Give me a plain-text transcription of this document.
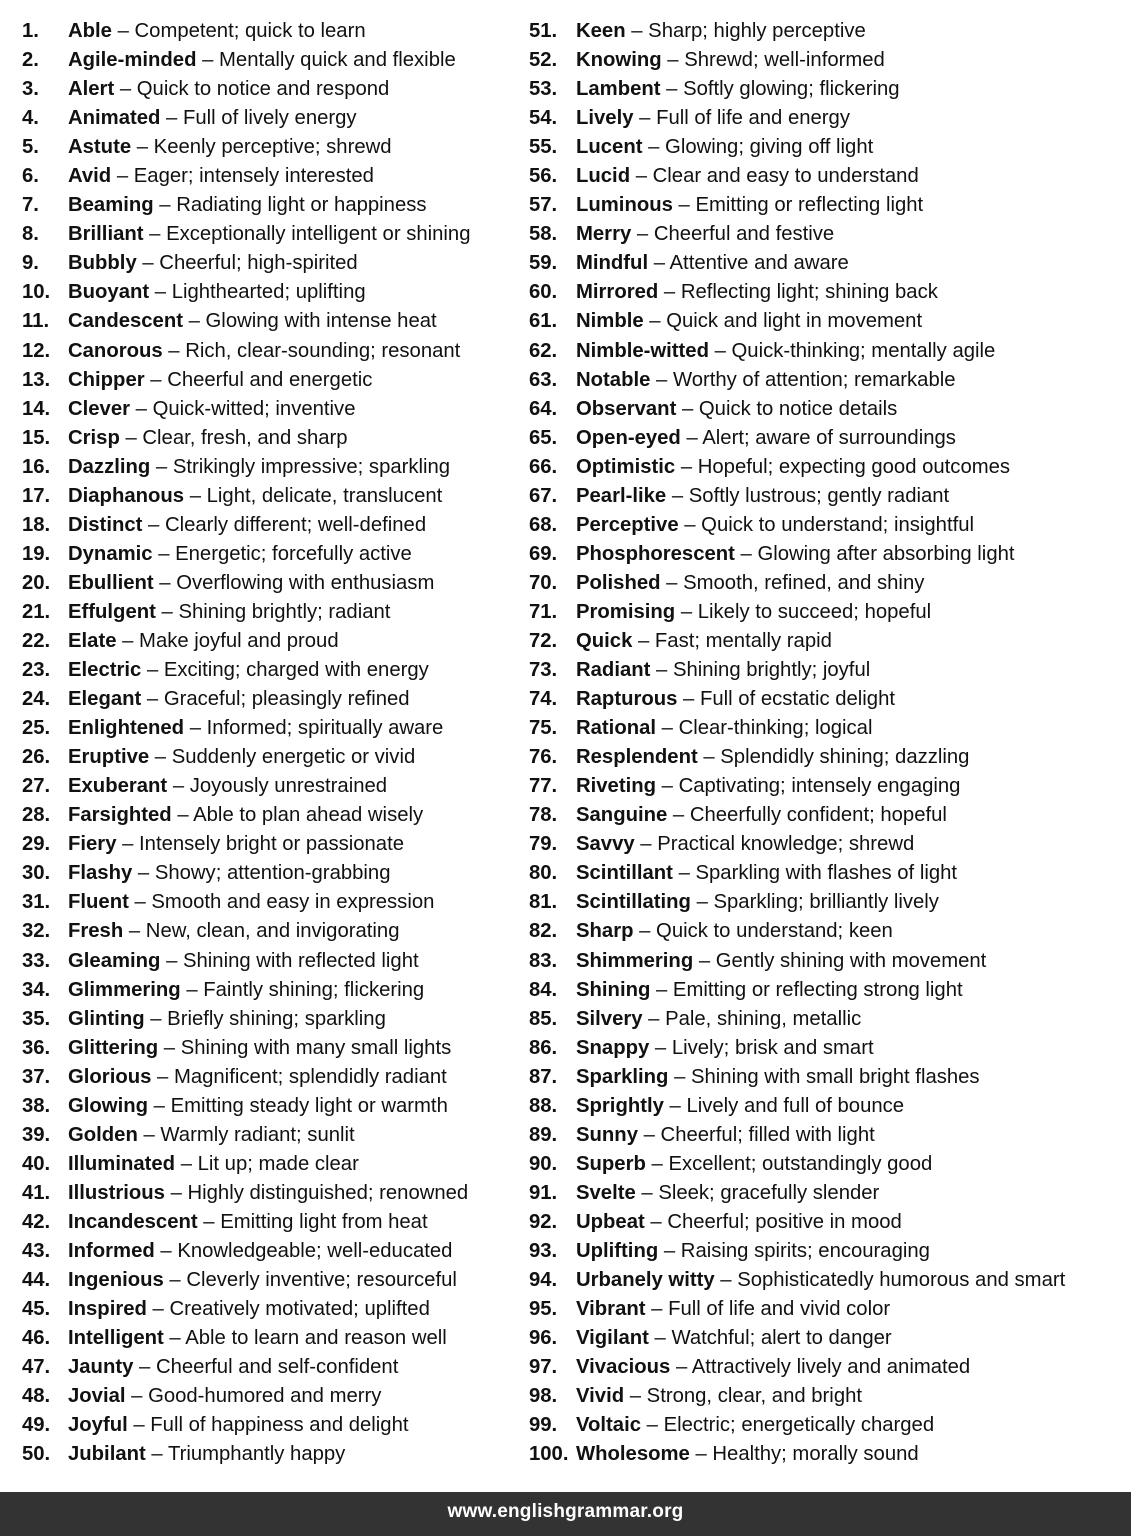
1. Able – Competent; quick to learn
2. Agile-minded – Mentally quick and flexible
3. Alert – Quick to notice and respond
4. Animated – Full of lively energy
5. Astute – Keenly perceptive; shrewd
6. Avid – Eager; intensely interested
7. Beaming – Radiating light or happiness
8. Brilliant – Exceptionally intelligent or shining
9. Bubbly – Cheerful; high-spirited
10. Buoyant – Lighthearted; uplifting
11. Candescent – Glowing with intense heat
12. Canorous – Rich, clear-sounding; resonant
13. Chipper – Cheerful and energetic
14. Clever – Quick-witted; inventive
15. Crisp – Clear, fresh, and sharp
16. Dazzling – Strikingly impressive; sparkling
17. Diaphanous – Light, delicate, translucent
18. Distinct – Clearly different; well-defined
19. Dynamic – Energetic; forcefully active
20. Ebullient – Overflowing with enthusiasm
21. Effulgent – Shining brightly; radiant
22. Elate – Make joyful and proud
23. Electric – Exciting; charged with energy
24. Elegant – Graceful; pleasingly refined
25. Enlightened – Informed; spiritually aware
26. Eruptive – Suddenly energetic or vivid
27. Exuberant – Joyously unrestrained
28. Farsighted – Able to plan ahead wisely
29. Fiery – Intensely bright or passionate
30. Flashy – Showy; attention-grabbing
31. Fluent – Smooth and easy in expression
32. Fresh – New, clean, and invigorating
33. Gleaming – Shining with reflected light
34. Glimmering – Faintly shining; flickering
35. Glinting – Briefly shining; sparkling
36. Glittering – Shining with many small lights
37. Glorious – Magnificent; splendidly radiant
38. Glowing – Emitting steady light or warmth
39. Golden – Warmly radiant; sunlit
40. Illuminated – Lit up; made clear
41. Illustrious – Highly distinguished; renowned
42. Incandescent – Emitting light from heat
43. Informed – Knowledgeable; well-educated
44. Ingenious – Cleverly inventive; resourceful
45. Inspired – Creatively motivated; uplifted
46. Intelligent – Able to learn and reason well
47. Jaunty – Cheerful and self-confident
48. Jovial – Good-humored and merry
49. Joyful – Full of happiness and delight
50. Jubilant – Triumphantly happy
51. Keen – Sharp; highly perceptive
52. Knowing – Shrewd; well-informed
53. Lambent – Softly glowing; flickering
54. Lively – Full of life and energy
55. Lucent – Glowing; giving off light
56. Lucid – Clear and easy to understand
57. Luminous – Emitting or reflecting light
58. Merry – Cheerful and festive
59. Mindful – Attentive and aware
60. Mirrored – Reflecting light; shining back
61. Nimble – Quick and light in movement
62. Nimble-witted – Quick-thinking; mentally agile
63. Notable – Worthy of attention; remarkable
64. Observant – Quick to notice details
65. Open-eyed – Alert; aware of surroundings
66. Optimistic – Hopeful; expecting good outcomes
67. Pearl-like – Softly lustrous; gently radiant
68. Perceptive – Quick to understand; insightful
69. Phosphorescent – Glowing after absorbing light
70. Polished – Smooth, refined, and shiny
71. Promising – Likely to succeed; hopeful
72. Quick – Fast; mentally rapid
73. Radiant – Shining brightly; joyful
74. Rapturous – Full of ecstatic delight
75. Rational – Clear-thinking; logical
76. Resplendent – Splendidly shining; dazzling
77. Riveting – Captivating; intensely engaging
78. Sanguine – Cheerfully confident; hopeful
79. Savvy – Practical knowledge; shrewd
80. Scintillant – Sparkling with flashes of light
81. Scintillating – Sparkling; brilliantly lively
82. Sharp – Quick to understand; keen
83. Shimmering – Gently shining with movement
84. Shining – Emitting or reflecting strong light
85. Silvery – Pale, shining, metallic
86. Snappy – Lively; brisk and smart
87. Sparkling – Shining with small bright flashes
88. Sprightly – Lively and full of bounce
89. Sunny – Cheerful; filled with light
90. Superb – Excellent; outstandingly good
91. Svelte – Sleek; gracefully slender
92. Upbeat – Cheerful; positive in mood
93. Uplifting – Raising spirits; encouraging
94. Urbanely witty – Sophisticatedly humorous and smart
95. Vibrant – Full of life and vivid color
96. Vigilant – Watchful; alert to danger
97. Vivacious – Attractively lively and animated
98. Vivid – Strong, clear, and bright
99. Voltaic – Electric; energetically charged
100. Wholesome – Healthy; morally sound
www.englishgrammar.org
